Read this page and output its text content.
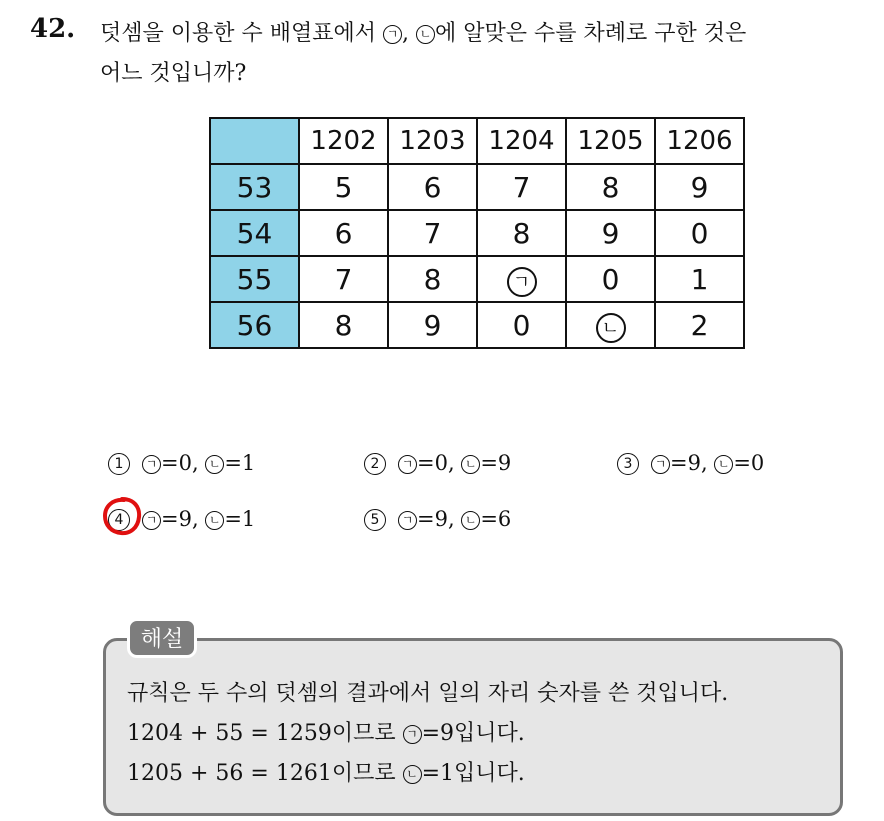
42. 덧셈을 이용한 수 배열표에서 ㄱ , ㄴ 에 알맞은 수를 차례로 구한 것은
어느 것입니까?
	1202	1203	1204	1205	1206
53	5	6	7	8	9
54	6	7	8	9	0
55	7	8	ㄱ	0	1
56	8	9	0	ㄴ	2
1 ㄱ =0, ㄴ =1	2 ㄱ =0, ㄴ =9	3 ㄱ =9, ㄴ =0
4 ㄱ =9, ㄴ =1	5 ㄱ =9, ㄴ =6
해설
규칙은 두 수의 덧셈의 결과에서 일의 자리 숫자를 쓴 것입니다.
1204 + 55 = 1259이므로 ㄱ =9입니다.
1205 + 56 = 1261이므로 ㄴ =1입니다.
